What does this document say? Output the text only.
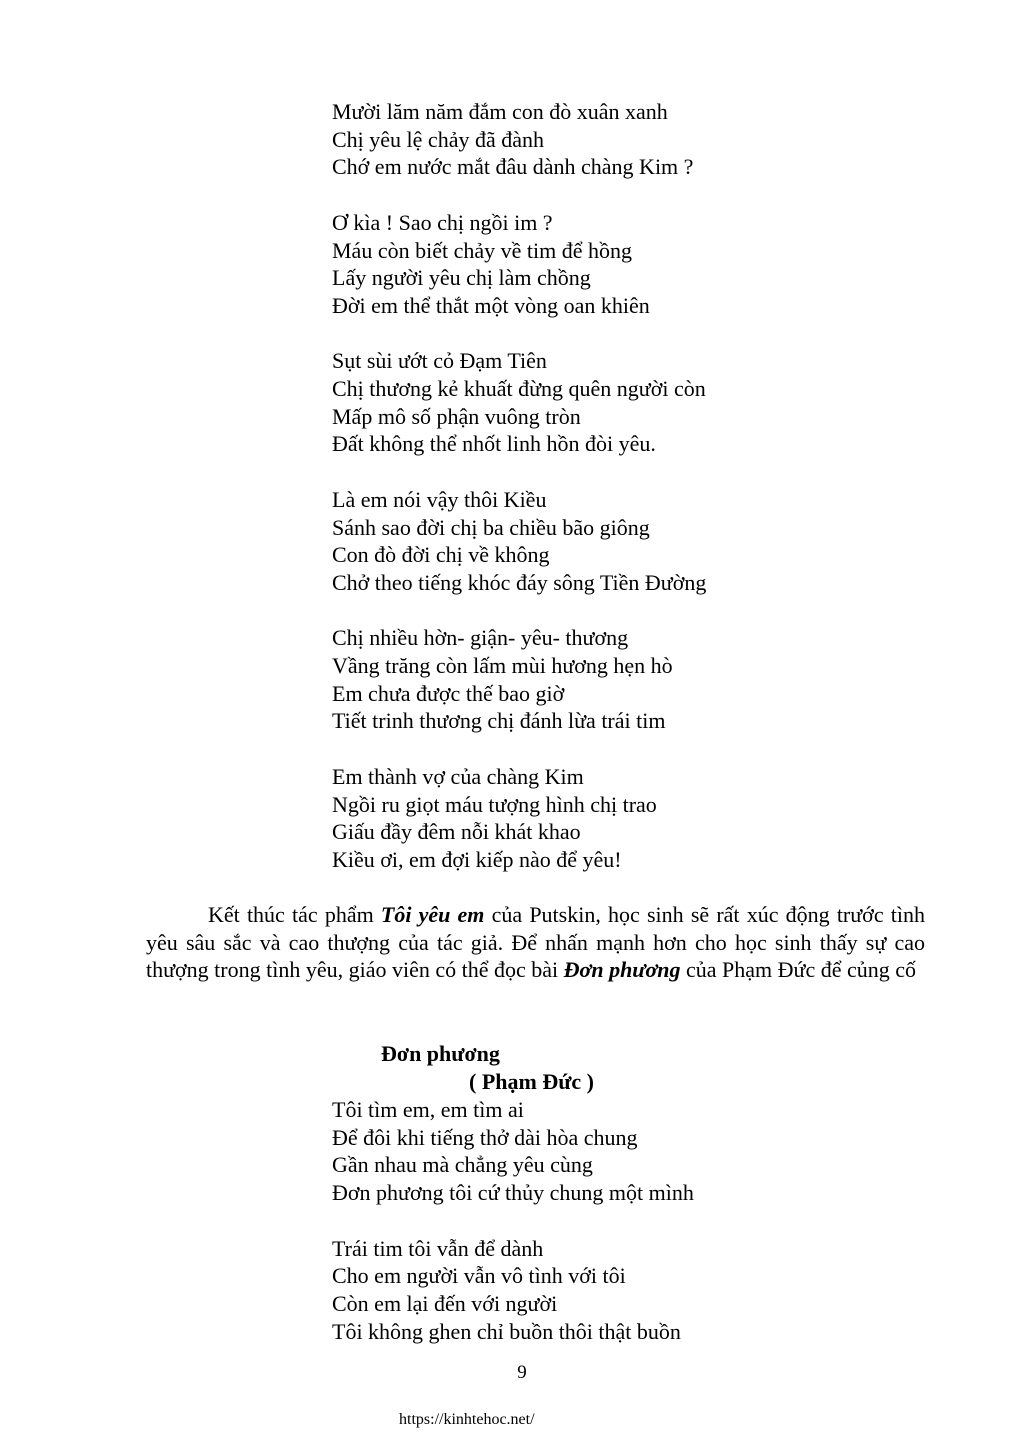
Mười lăm năm đắm con đò xuân xanh
Chị yêu lệ chảy đã đành
Chớ em nước mắt đâu dành chàng Kim ?
Ơ kìa ! Sao chị ngồi im ?
Máu còn biết chảy về tim để hồng
Lấy người yêu chị làm chồng
Đời em thể thắt một vòng oan khiên
Sụt sùi ướt cỏ Đạm Tiên
Chị thương kẻ khuất đừng quên người còn
Mấp mô số phận vuông tròn
Đất không thể nhốt linh hồn đòi yêu.
Là em nói vậy thôi Kiều
Sánh sao đời chị ba chiều bão giông
Con đò đời chị về không
Chở theo tiếng khóc đáy sông Tiền Đường
Chị nhiều hờn- giận- yêu- thương
Vầng trăng còn lấm mùi hương hẹn hò
Em chưa được thế bao giờ
Tiết trinh thương chị đánh lừa trái tim
Em thành vợ của chàng Kim
Ngồi ru giọt máu tượng hình chị trao
Giấu đầy đêm nỗi khát khao
Kiều ơi, em đợi kiếp nào để yêu!

Kết thúc tác phẩm Tôi yêu em của Putskin, học sinh sẽ rất xúc động trước tình yêu sâu sắc và cao thượng của tác giả. Để nhấn mạnh hơn cho học sinh thấy sự cao thượng trong tình yêu, giáo viên có thể đọc bài Đơn phương của Phạm Đức để củng cố

Đơn phương
( Phạm Đức )
Tôi tìm em, em tìm ai
Để đôi khi tiếng thở dài hòa chung
Gần nhau mà chẳng yêu cùng
Đơn phương tôi cứ thủy chung một mình
Trái tim tôi vẫn để dành
Cho em người vẫn vô tình với tôi
Còn em lại đến với người
Tôi không ghen chỉ buồn thôi thật buồn
9
https://kinhtehoc.net/
